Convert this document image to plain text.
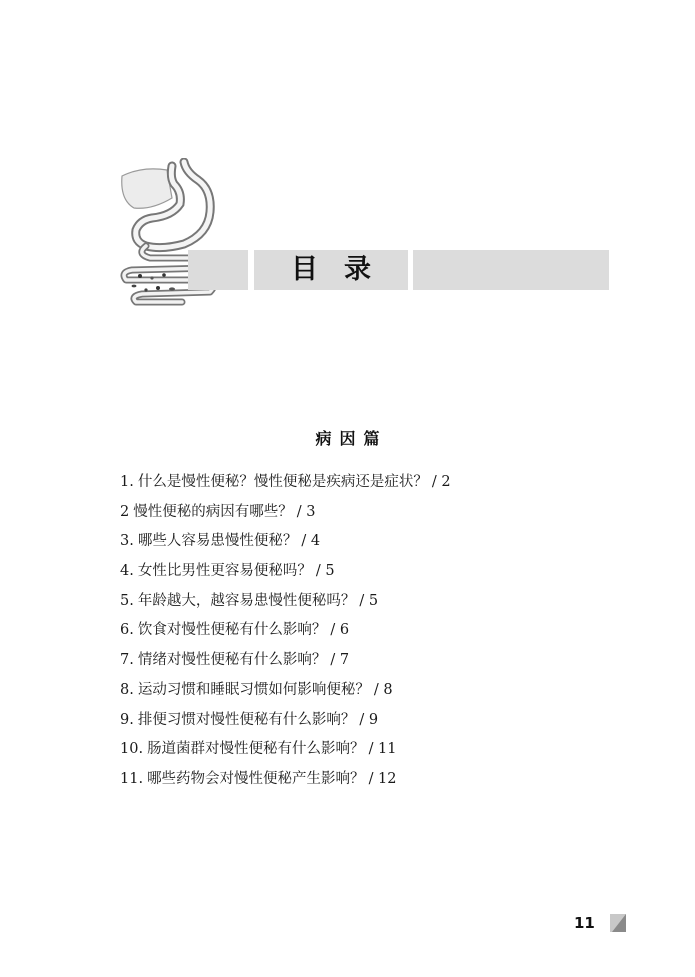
目录
病因篇
1. 什么是慢性便秘？慢性便秘是疾病还是症状？ / 2
2 慢性便秘的病因有哪些？ / 3
3. 哪些人容易患慢性便秘？ / 4
4. 女性比男性更容易便秘吗？ / 5
5. 年龄越大，越容易患慢性便秘吗？ / 5
6. 饮食对慢性便秘有什么影响？ / 6
7. 情绪对慢性便秘有什么影响？ / 7
8. 运动习惯和睡眠习惯如何影响便秘？ / 8
9. 排便习惯对慢性便秘有什么影响？ / 9
10. 肠道菌群对慢性便秘有什么影响？ / 11
11. 哪些药物会对慢性便秘产生影响？ / 12
11
